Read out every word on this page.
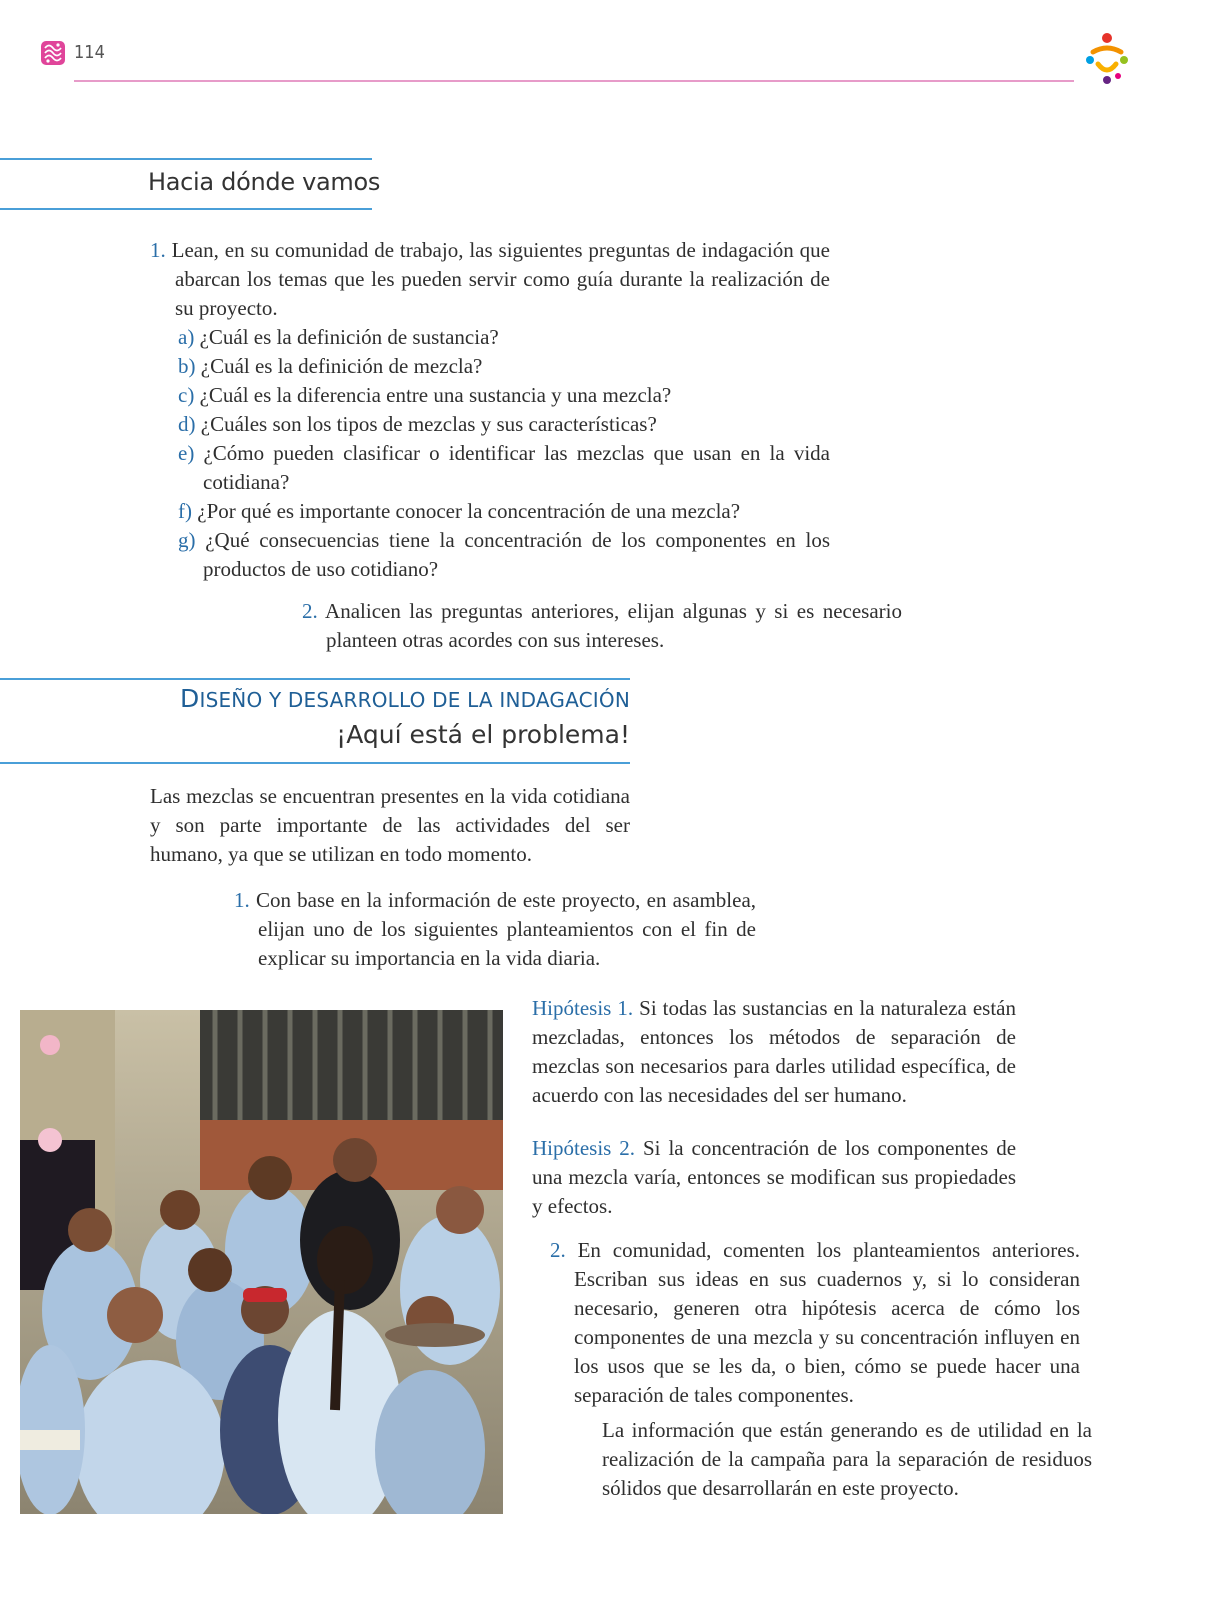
114
Hacia dónde vamos
1. Lean, en su comunidad de trabajo, las siguientes preguntas de indagación que abarcan los temas que les pueden servir como guía durante la realización de su proyecto.
a) ¿Cuál es la definición de sustancia?
b) ¿Cuál es la definición de mezcla?
c) ¿Cuál es la diferencia entre una sustancia y una mezcla?
d) ¿Cuáles son los tipos de mezclas y sus características?
e) ¿Cómo pueden clasificar o identificar las mezclas que usan en la vida cotidiana?
f) ¿Por qué es importante conocer la concentración de una mezcla?
g) ¿Qué consecuencias tiene la concentración de los componentes en los productos de uso cotidiano?
2. Analicen las preguntas anteriores, elijan algunas y si es necesario planteen otras acordes con sus intereses.
DISEÑO Y DESARROLLO DE LA INDAGACIÓN
¡Aquí está el problema!
Las mezclas se encuentran presentes en la vida cotidiana y son parte importante de las actividades del ser humano, ya que se utilizan en todo momento.
1. Con base en la información de este proyecto, en asamblea, elijan uno de los siguientes planteamientos con el fin de explicar su importancia en la vida diaria.
Hipótesis 1. Si todas las sustancias en la naturaleza están mezcladas, entonces los métodos de separación de mezclas son necesarios para darles utilidad específica, de acuerdo con las necesidades del ser humano.
Hipótesis 2. Si la concentración de los componentes de una mezcla varía, entonces se modifican sus propiedades y efectos.
2. En comunidad, comenten los planteamientos anteriores. Escriban sus ideas en sus cuadernos y, si lo consideran necesario, generen otra hipótesis acerca de cómo los componentes de una mezcla y su concentración influyen en los usos que se les da, o bien, cómo se puede hacer una separación de tales componentes.
La información que están generando es de utilidad en la realización de la campaña para la separación de residuos sólidos que desarrollarán en este proyecto.
